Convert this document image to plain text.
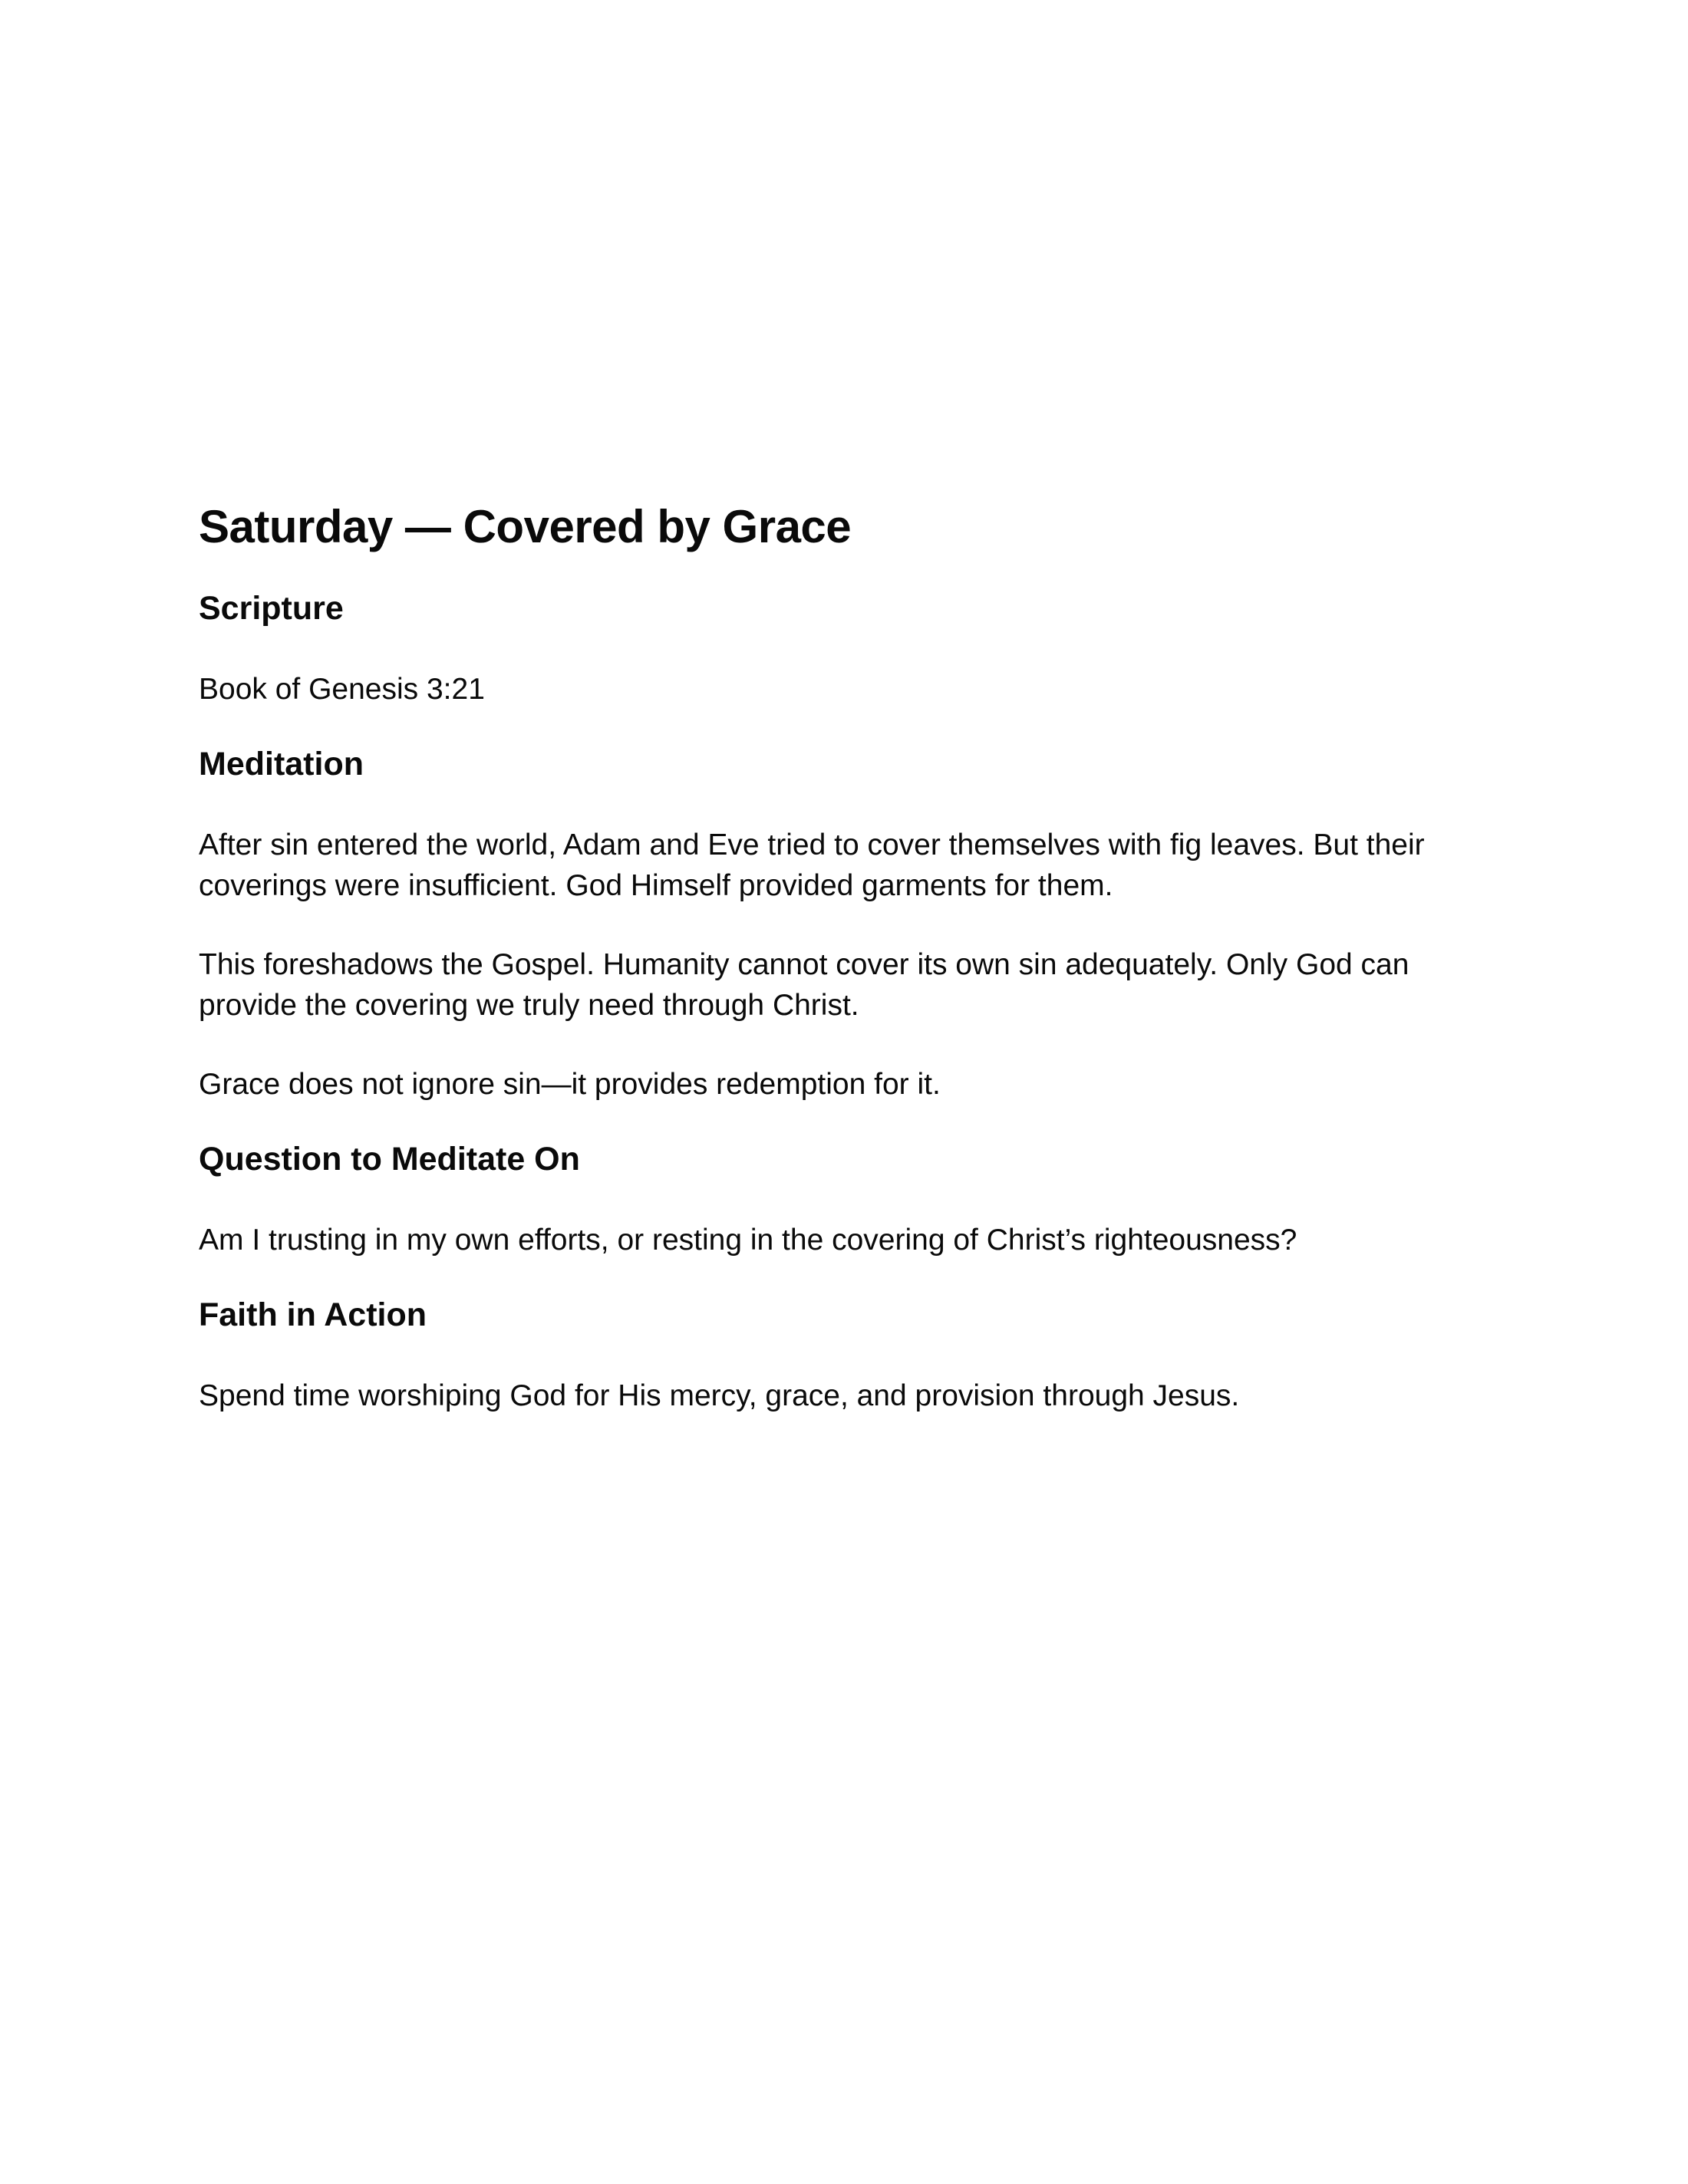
Saturday — Covered by Grace
Scripture

Book of Genesis 3:21

Meditation

After sin entered the world, Adam and Eve tried to cover themselves with fig leaves. But their coverings were insufficient. God Himself provided garments for them.

This foreshadows the Gospel. Humanity cannot cover its own sin adequately. Only God can provide the covering we truly need through Christ.

Grace does not ignore sin—it provides redemption for it.

Question to Meditate On

Am I trusting in my own efforts, or resting in the covering of Christ’s righteousness?

Faith in Action

Spend time worshiping God for His mercy, grace, and provision through Jesus.
